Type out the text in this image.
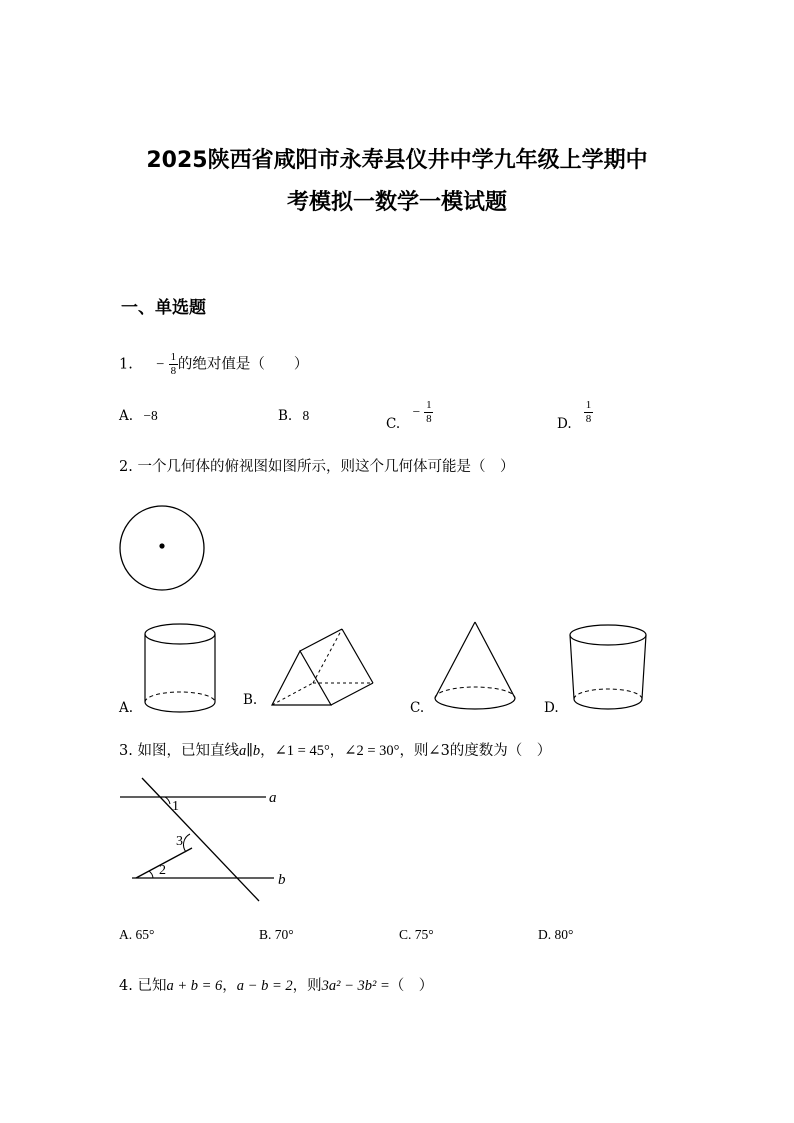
2025陕西省咸阳市永寿县仪井中学九年级上学期中
考模拟一数学一模试题
一、单选题
1. − $\frac{1}{8}$ 的绝对值是（　　）
A. −8	B. 8
C. − $\frac{1}{8}$	D. $\frac{1}{8}$
2. 一个几何体的俯视图如图所示，则这个几何体可能是（　）
A.	B.	C.	D.
3. 如图，已知直线a∥b，∠1 = 45°，∠2 = 30°，则∠3的度数为（　）
a
b
1
2
3
A. 65°	B. 70°	C. 75°	D. 80°
4. 已知a + b = 6，a − b = 2，则3a² − 3b² =（　）
